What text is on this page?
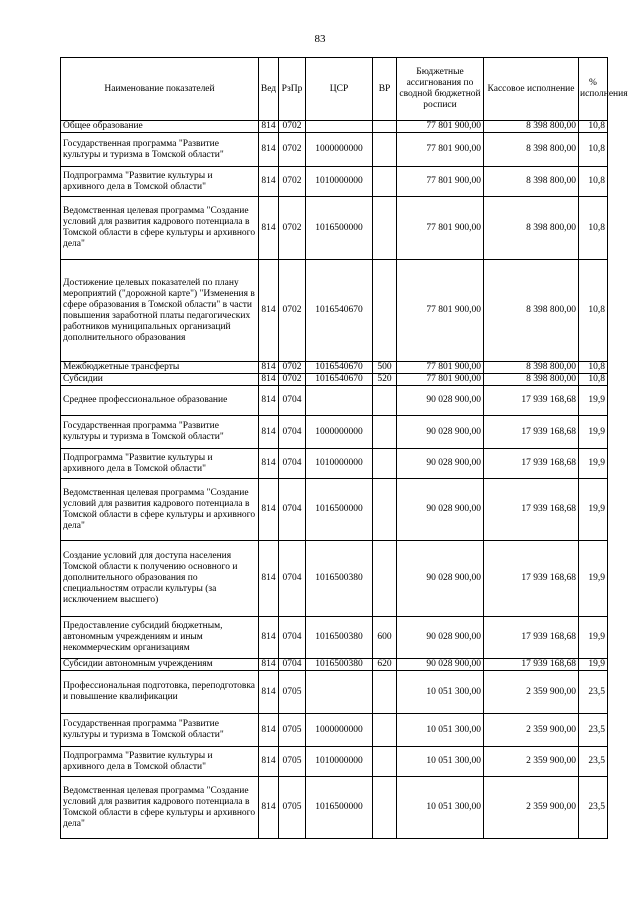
83
Наименование показателей	Вед	РзПр	ЦСР	ВР	Бюджетные ассигнования по сводной бюджетной росписи	Кассовое исполнение	% исполнения
Общее образование	814	0702			77 801 900,00	8 398 800,00	10,8
Государственная программа "Развитие культуры и туризма в Томской области"	814	0702	1000000000		77 801 900,00	8 398 800,00	10,8
Подпрограмма "Развитие культуры и архивного дела в Томской области"	814	0702	1010000000		77 801 900,00	8 398 800,00	10,8
Ведомственная целевая программа "Создание условий для развития кадрового потенциала в Томской области в сфере культуры и архивного дела"	814	0702	1016500000		77 801 900,00	8 398 800,00	10,8
Достижение целевых показателей по плану мероприятий ("дорожной карте") "Изменения в сфере образования в Томской области" в части повышения заработной платы педагогических работников муниципальных организаций дополнительного образования	814	0702	1016540670		77 801 900,00	8 398 800,00	10,8
Межбюджетные трансферты	814	0702	1016540670	500	77 801 900,00	8 398 800,00	10,8
Субсидии	814	0702	1016540670	520	77 801 900,00	8 398 800,00	10,8
Среднее профессиональное образование	814	0704			90 028 900,00	17 939 168,68	19,9
Государственная программа "Развитие культуры и туризма в Томской области"	814	0704	1000000000		90 028 900,00	17 939 168,68	19,9
Подпрограмма "Развитие культуры и архивного дела в Томской области"	814	0704	1010000000		90 028 900,00	17 939 168,68	19,9
Ведомственная целевая программа "Создание условий для развития кадрового потенциала в Томской области в сфере культуры и архивного дела"	814	0704	1016500000		90 028 900,00	17 939 168,68	19,9
Создание условий для доступа населения Томской области к получению основного и дополнительного образования по специальностям отрасли культуры (за исключением высшего)	814	0704	1016500380		90 028 900,00	17 939 168,68	19,9
Предоставление субсидий бюджетным, автономным учреждениям и иным некоммерческим организациям	814	0704	1016500380	600	90 028 900,00	17 939 168,68	19,9
Субсидии автономным учреждениям	814	0704	1016500380	620	90 028 900,00	17 939 168,68	19,9
Профессиональная подготовка, переподготовка и повышение квалификации	814	0705			10 051 300,00	2 359 900,00	23,5
Государственная программа "Развитие культуры и туризма в Томской области"	814	0705	1000000000		10 051 300,00	2 359 900,00	23,5
Подпрограмма "Развитие культуры и архивного дела в Томской области"	814	0705	1010000000		10 051 300,00	2 359 900,00	23,5
Ведомственная целевая программа "Создание условий для развития кадрового потенциала в Томской области в сфере культуры и архивного дела"	814	0705	1016500000		10 051 300,00	2 359 900,00	23,5
